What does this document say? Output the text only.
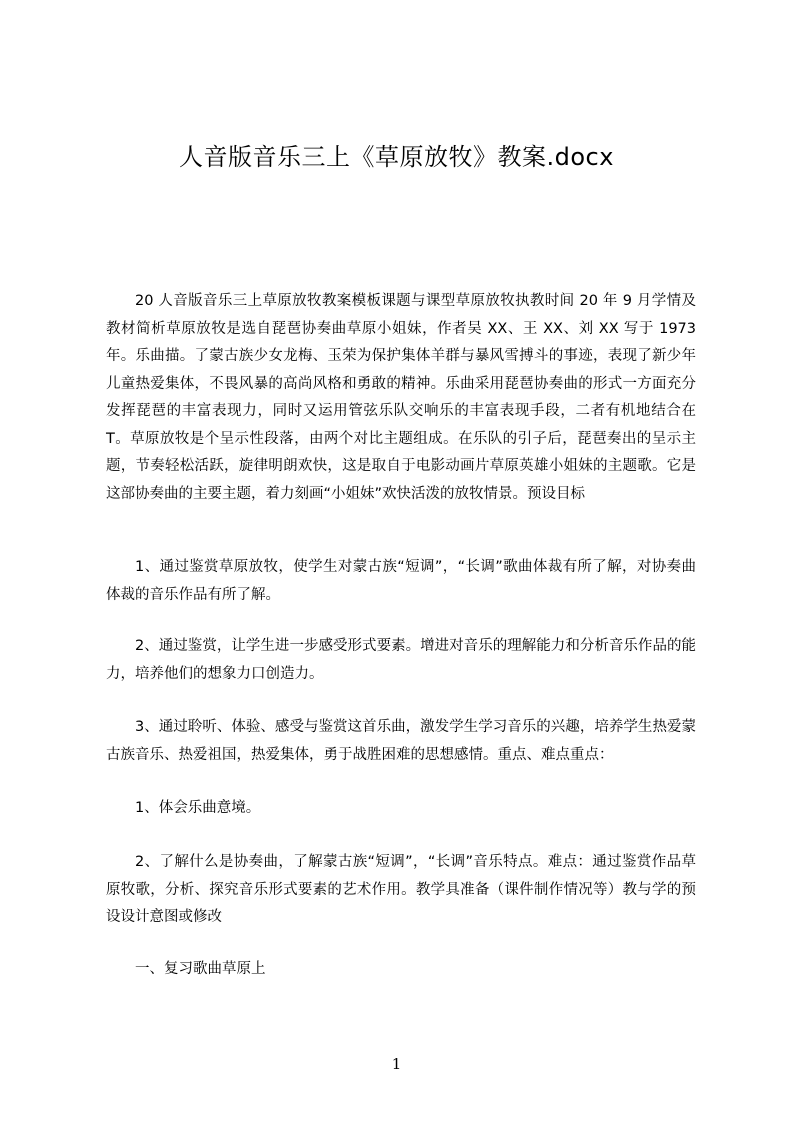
人音版音乐三上《草原放牧》教案.docx

20 人音版音乐三上草原放牧教案模板课题与课型草原放牧执教时间 20 年 9 月学情及教材简析草原放牧是选自琵琶协奏曲草原小姐妹，作者吴 XX、王 XX、刘 XX 写于 1973 年。乐曲描。了蒙古族少女龙梅、玉荣为保护集体羊群与暴风雪搏斗的事迹，表现了新少年儿童热爱集体，不畏风暴的高尚风格和勇敢的精神。乐曲采用琵琶协奏曲的形式一方面充分发挥琵琶的丰富表现力，同时又运用管弦乐队交响乐的丰富表现手段，二者有机地结合在 T。草原放牧是个呈示性段落，由两个对比主题组成。在乐队的引子后，琵琶奏出的呈示主题，节奏轻松活跃，旋律明朗欢快，这是取自于电影动画片草原英雄小姐妹的主题歌。它是这部协奏曲的主要主题，着力刻画“小姐妹”欢快活泼的放牧情景。预设目标

1、通过鉴赏草原放牧，使学生对蒙古族“短调”，“长调”歌曲体裁有所了解，对协奏曲体裁的音乐作品有所了解。

2、通过鉴赏，让学生进一步感受形式要素。增进对音乐的理解能力和分析音乐作品的能力，培养他们的想象力口创造力。

3、通过聆听、体验、感受与鉴赏这首乐曲，激发学生学习音乐的兴趣，培养学生热爱蒙古族音乐、热爱祖国，热爱集体，勇于战胜困难的思想感情。重点、难点重点：

1、体会乐曲意境。

2、了解什么是协奏曲，了解蒙古族“短调”，“长调”音乐特点。难点：通过鉴赏作品草原牧歌，分析、探究音乐形式要素的艺术作用。教学具准备（课件制作情况等）教与学的预设设计意图或修改

一、复习歌曲草原上

1
